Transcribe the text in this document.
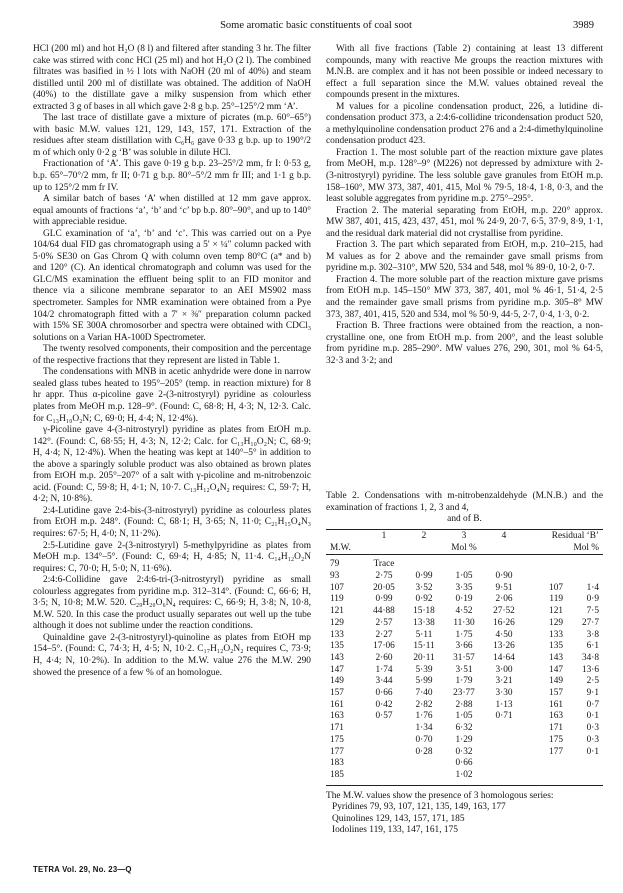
Some aromatic basic constituents of coal soot	3989

HCl (200 ml) and hot H₂O (8 l) and filtered after standing 3 hr. The filter cake was stirred with conc HCl (25 ml) and hot H₂O (2 l). The combined filtrates was basified in ½ l lots with NaOH (20 ml of 40%) and steam distilled until 200 ml of distillate was obtained. The addition of NaOH (40%) to the distillate gave a milky suspension from which ether extracted 3 g of bases in all which gave 2·8 g b.p. 25°–125°/2 mm ‘A’.

The last trace of distillate gave a mixture of picrates (m.p. 60°–65°) with basic M.W. values 121, 129, 143, 157, 171. Extraction of the residues after steam distillation with C₆H₆ gave 0·33 g b.p. up to 190°/2 m of which only 0·2 g ‘B’ was soluble in dilute HCl.

Fractionation of ‘A’. This gave 0·19 g b.p. 23–25°/2 mm, fr I: 0·53 g, b.p. 65°–70°/2 mm, fr II; 0·71 g b.p. 80°–5°/2 mm fr III; and 1·1 g b.p. up to 125°/2 mm fr IV.

A similar batch of bases ‘A’ when distilled at 12 mm gave approx. equal amounts of fractions ‘a’, ‘b’ and ‘c’ bp b.p. 80°–90°, and up to 140° with appreciable residue.

GLC examination of ‘a’, ‘b’ and ‘c’. This was carried out on a Pye 104/64 dual FID gas chromatograph using a 5′ × ¼″ column packed with 5·0% SE30 on Gas Chrom Q with column oven temp 80°C (a* and b) and 120° (C). An identical chromatograph and column was used for the GLC/MS examination the effluent being split to an FID monitor and thence via a silicone membrane separator to an AEI MS902 mass spectrometer. Samples for NMR examination were obtained from a Pye 104/2 chromatograph fitted with a 7′ × ⅜″ preparation column packed with 15% SE 300A chromosorber and spectra were obtained with CDCl₃ solutions on a Varian HA-100D Spectrometer.

The twenty resolved components, their composition and the percentage of the respective fractions that they represent are listed in Table 1.

The condensations with MNB in acetic anhydride were done in narrow sealed glass tubes heated to 195°–205° (temp. in reaction mixture) for 8 hr appr. Thus α-picoline gave 2-(3-nitrostyryl) pyridine as colourless plates from MeOH m.p. 128–9°. (Found: C, 68·8; H, 4·3; N, 12·3. Calc. for C₁₃H₁₀O₂N; C, 69·0; H, 4·4; N, 12·4%).

γ-Picoline gave 4-(3-nitrostyryl) pyridine as plates from EtOH m.p. 142°. (Found: C, 68·55; H, 4·3; N, 12·2; Calc. for C₁₃H₁₀O₂N; C, 68·9; H, 4·4; N, 12·4%). When the heating was kept at 140°–5° in addition to the above a sparingly soluble product was also obtained as brown plates from EtOH m.p. 205°–207° of a salt with γ-picoline and m-nitrobenzoic acid. (Found: C, 59·8; H, 4·1; N, 10·7. C₁₃H₁₂O₄N₂ requires: C, 59·7; H, 4·2; N, 10·8%).

2:4-Lutidine gave 2:4-bis-(3-nitrostyryl) pyridine as colourless plates from EtOH m.p. 248°. (Found: C, 68·1; H, 3·65; N, 11·0; C₂₁H₁₅O₄N₃ requires: 67·5; H, 4·0; N, 11·2%).

2:5-Lutidine gave 2-(3-nitrostyryl) 5-methylpyridine as plates from MeOH m.p. 134°–5°. (Found: C, 69·4; H, 4·85; N, 11·4. C₁₄H₁₂O₂N requires: C, 70·0; H, 5·0; N, 11·6%).

2:4:6-Collidine gave 2:4:6-tri-(3-nitrostyryl) pyridine as small colourless aggregates from pyridine m.p. 312–314°. (Found: C, 66·6; H, 3·5; N, 10·8; M.W. 520. C₂₉H₂₀O₆N₄ requires: C, 66·9; H, 3·8; N, 10·8, M.W. 520. In this case the product usually separates out well up the tube although it does not sublime under the reaction conditions.

Quinaldine gave 2-(3-nitrostyryl)-quinoline as plates from EtOH mp 154–5°. (Found: C, 74·3; H, 4·5; N, 10·2. C₁₇H₁₂O₂N₂ requires C, 73·9; H, 4·4; N, 10·2%). In addition to the M.W. value 276 the M.W. 290 showed the presence of a few % of an homologue.

With all five fractions (Table 2) containing at least 13 different compounds, many with reactive Me groups the reaction mixtures with M.N.B. are complex and it has not been possible or indeed necessary to effect a full separation since the M.W. values obtained reveal the compounds present in the mixtures.

M values for a picoline condensation product, 226, a lutidine di-condensation product 373, a 2:4:6-collidine tricondensation product 520, a methylquinoline condensation product 276 and a 2:4-dimethylquinoline condensation product 423.

Fraction 1. The most soluble part of the reaction mixture gave plates from MeOH, m.p. 128°–9° (M226) not depressed by admixture with 2-(3-nitrostyryl) pyridine. The less soluble gave granules from EtOH m.p. 158–160°, MW 373, 387, 401, 415, Mol % 79·5, 18·4, 1·8, 0·3, and the least soluble aggregates from pyridine m.p. 275°–295°.

Fraction 2. The material separating from EtOH, m.p. 220° approx. MW 387, 401, 415, 423, 437, 451, mol % 24·9, 20·7, 6·5, 37·9, 8·9, 1·1, and the residual dark material did not crystallise from pyridine.

Fraction 3. The part which separated from EtOH, m.p. 210–215, had M values as for 2 above and the remainder gave small prisms from pyridine m.p. 302–310°, MW 520, 534 and 548, mol % 89·0, 10·2, 0·7.

Fraction 4. The more soluble part of the reaction mixture gave prisms from EtOH m.p. 145–150° MW 373, 387, 401, mol % 46·1, 51·4, 2·5 and the remainder gave small prisms from pyridine m.p. 305–8° MW 373, 387, 401, 415, 520 and 534, mol % 50·9, 44·5, 2·7, 0·4, 1·3, 0·2.

Fraction B. Three fractions were obtained from the reaction, a non-crystalline one, one from EtOH m.p. from 200°, and the least soluble from pyridine m.p. 285–290°. MW values 276, 290, 301, mol % 64·5, 32·3 and 3·2; and

Table 2. Condensations with m-nitrobenzaldehyde (M.N.B.) and the examination of fractions 1, 2, 3 and 4,
and of B.

	1	2	3	4	Residual ‘B’	
M.W.			Mol %			Mol %

79	Trace					
93	2·75	0·99	1·05	0·90		
107	20·05	3·52	3·35	9·51	107	1·4
119	0·99	0·92	0·19	2·06	119	0·9
121	44·88	15·18	4·52	27·52	121	7·5
129	2·57	13·38	11·30	16·26	129	27·7
133	2·27	5·11	1·75	4·50	133	3·8
135	17·06	15·11	3·66	13·26	135	6·1
143	2·60	20·11	31·57	14·64	143	34·8
147	1·74	5·39	3·51	3·00	147	13·6
149	3·44	5·99	1·79	3·21	149	2·5
157	0·66	7·40	23·77	3·30	157	9·1
161	0·42	2·82	2·88	1·13	161	0·7
163	0·57	1·76	1·05	0·71	163	0·1
171		1·34	6·32		171	0·3
175		0·70	1·29		175	0·3
177		0·28	0·32		177	0·1
183			0·66			
185			1·02			
The M.W. values show the presence of 3 homologous series:
Pyridines 79, 93, 107, 121, 135, 149, 163, 177
Quinolines 129, 143, 157, 171, 185
Iodolines 119, 133, 147, 161, 175
TETRA Vol. 29, No. 23—Q
